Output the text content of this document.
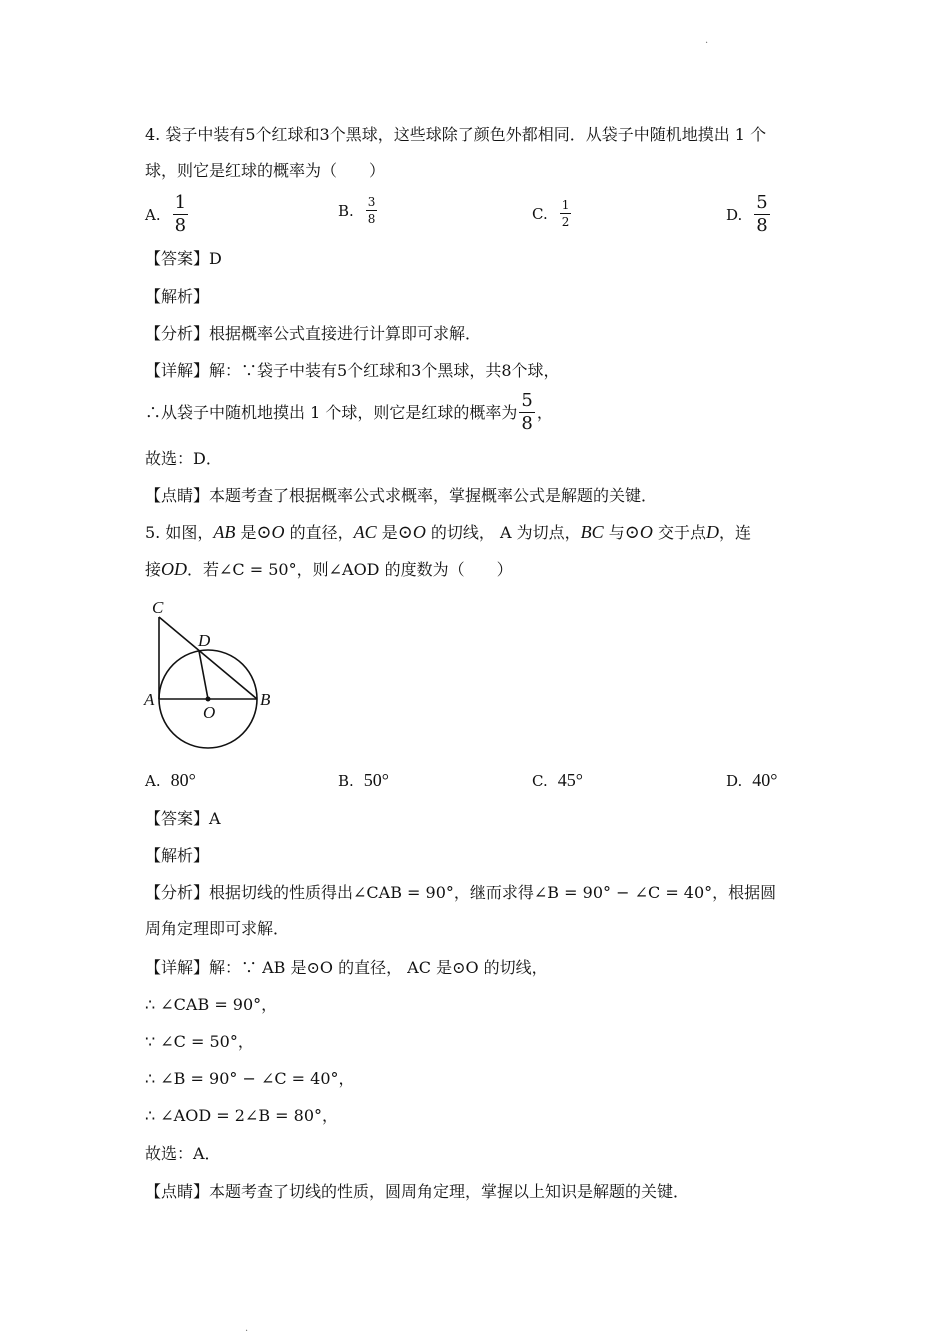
·
4. 袋子中装有5个红球和3个黑球，这些球除了颜色外都相同．从袋子中随机地摸出 1 个
球，则它是红球的概率为（　　）
A. $\frac{1}{8}$	B. $\frac{3}{8}$	C. $\frac{1}{2}$	D. $\frac{5}{8}$
【答案】D
【解析】
【分析】根据概率公式直接进行计算即可求解．
【详解】解：∵袋子中装有5个红球和3个黑球，共8个球，
∴从袋子中随机地摸出 1 个球，则它是红球的概率为 $\frac{5}{8}$ ，
故选：D．
【点睛】本题考查了根据概率公式求概率，掌握概率公式是解题的关键．
5. 如图，AB 是⊙O 的直径，AC 是⊙O 的切线， A 为切点，BC 与⊙O 交于点D，连
接OD．若∠C = 50°，则∠AOD 的度数为（　　）
C
D
A
O
B
A. 80°	B. 50°	C. 45°	D. 40°
【答案】A
【解析】
【分析】根据切线的性质得出∠CAB = 90°，继而求得∠B = 90° − ∠C = 40°，根据圆
周角定理即可求解．
【详解】解：∵ AB 是⊙O 的直径， AC 是⊙O 的切线，
∴ ∠CAB = 90°，
∵ ∠C = 50°，
∴ ∠B = 90° − ∠C = 40°，
∴ ∠AOD = 2∠B = 80°，
故选：A．
【点睛】本题考查了切线的性质，圆周角定理，掌握以上知识是解题的关键．
·
